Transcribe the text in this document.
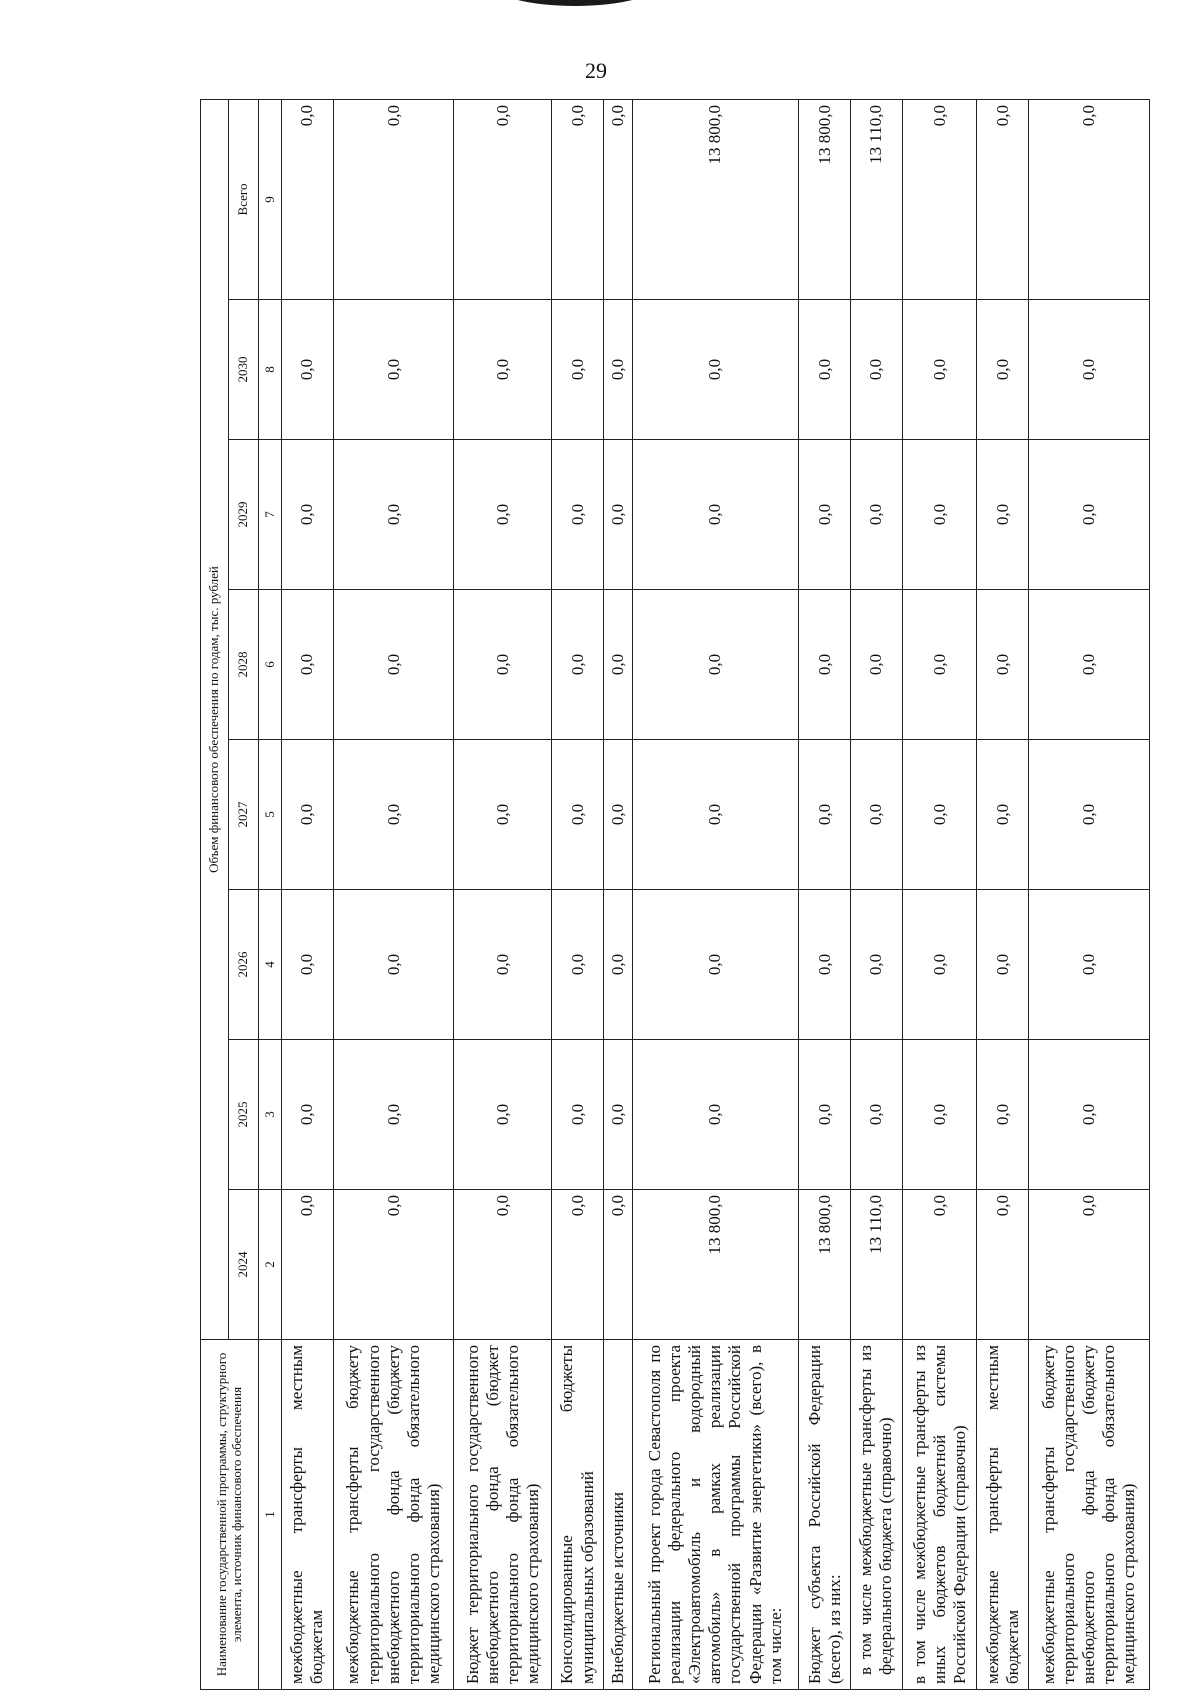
29
Наименование государственной программы, структурного элемента, источник финансового обеспечения	Объем финансового обеспечения по годам, тыс. рублей							
	2024	2025	2026	2027	2028	2029	2030	Всего
1	2	3	4	5	6	7	8	9
межбюджетные трансферты местным бюджетам	0,0	0,0	0,0	0,0	0,0	0,0	0,0	0,0
межбюджетные трансферты бюджету территориального государственного внебюджетного фонда (бюджету территориального фонда обязательного медицинского страхования)	0,0	0,0	0,0	0,0	0,0	0,0	0,0	0,0
Бюджет территориального государственного внебюджетного фонда (бюджет территориального фонда обязательного медицинского страхования)	0,0	0,0	0,0	0,0	0,0	0,0	0,0	0,0
Консолидированные бюджеты муниципальных образований	0,0	0,0	0,0	0,0	0,0	0,0	0,0	0,0
Внебюджетные источники	0,0	0,0	0,0	0,0	0,0	0,0	0,0	0,0
Региональный проект города Севастополя по реализации федерального проекта «Электроавтомобиль и водородный автомобиль» в рамках реализации государственной программы Российской Федерации «Развитие энергетики» (всего), в том числе:	13 800,0	0,0	0,0	0,0	0,0	0,0	0,0	13 800,0
Бюджет субъекта Российской Федерации (всего), из них:	13 800,0	0,0	0,0	0,0	0,0	0,0	0,0	13 800,0
в том числе межбюджетные трансферты из федерального бюджета (справочно)	13 110,0	0,0	0,0	0,0	0,0	0,0	0,0	13 110,0
в том числе межбюджетные трансферты из иных бюджетов бюджетной системы Российской Федерации (справочно)	0,0	0,0	0,0	0,0	0,0	0,0	0,0	0,0
межбюджетные трансферты местным бюджетам	0,0	0,0	0,0	0,0	0,0	0,0	0,0	0,0
межбюджетные трансферты бюджету территориального государственного внебюджетного фонда (бюджету территориального фонда обязательного медицинского страхования)	0,0	0,0	0,0	0,0	0,0	0,0	0,0	0,0
